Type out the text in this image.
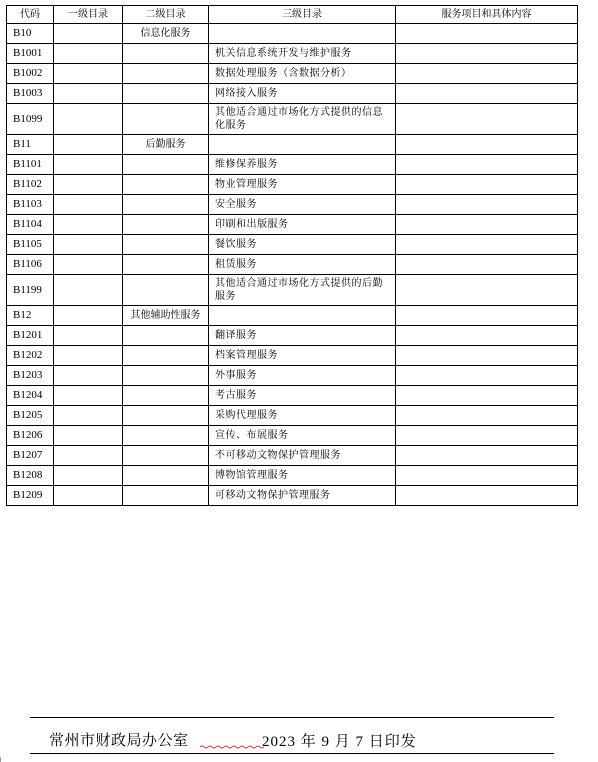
代码	一级目录	二级目录	三级目录	服务项目和具体内容
B10		信息化服务		
B1001			机关信息系统开发与维护服务	
B1002			数据处理服务（含数据分析）	
B1003			网络接入服务	
B1099			其他适合通过市场化方式提供的信息化服务	
B11		后勤服务		
B1101			维修保养服务	
B1102			物业管理服务	
B1103			安全服务	
B1104			印刷和出版服务	
B1105			餐饮服务	
B1106			租赁服务	
B1199			其他适合通过市场化方式提供的后勤服务	
B12		其他辅助性服务		
B1201			翻译服务	
B1202			档案管理服务	
B1203			外事服务	
B1204			考古服务	
B1205			采购代理服务	
B1206			宣传、布展服务	
B1207			不可移动文物保护管理服务	
B1208			博物馆管理服务	
B1209			可移动文物保护管理服务	
常州市财政局办公室	2023 年 9 月 7 日印发
